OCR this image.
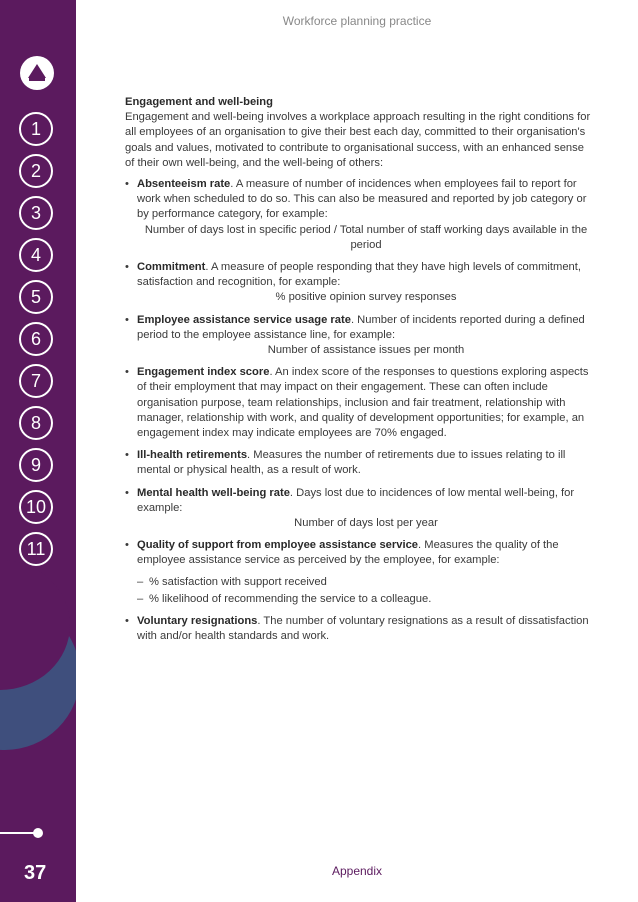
1
2
3
4
5
6
7
8
9
10
11
37
Workforce planning practice
Engagement and well-being

Engagement and well-being involves a workplace approach resulting in the right conditions for all employees of an organisation to give their best each day, committed to their organisation's goals and values, motivated to contribute to organisational success, with an enhanced sense of their own well-being, and the well-being of others:

• Absenteeism rate. A measure of number of incidences when employees fail to report for work when scheduled to do so. This can also be measured and reported by job category or by performance category, for example:

Number of days lost in specific period / Total number of staff working days available in the period

• Commitment. A measure of people responding that they have high levels of commitment, satisfaction and recognition, for example:

% positive opinion survey responses

• Employee assistance service usage rate. Number of incidents reported during a defined period to the employee assistance line, for example:

Number of assistance issues per month

• Engagement index score. An index score of the responses to questions exploring aspects of their employment that may impact on their engagement. These can often include organisation purpose, team relationships, inclusion and fair treatment, relationship with manager, relationship with work, and quality of development opportunities; for example, an engagement index may indicate employees are 70% engaged.
• Ill-health retirements. Measures the number of retirements due to issues relating to ill mental or physical health, as a result of work.
• Mental health well-being rate. Days lost due to incidences of low mental well-being, for example:

Number of days lost per year

• Quality of support from employee assistance service. Measures the quality of the employee assistance service as perceived by the employee, for example:
– % satisfaction with support received
– % likelihood of recommending the service to a colleague.
• Voluntary resignations. The number of voluntary resignations as a result of dissatisfaction with and/or health standards and work.
Appendix
